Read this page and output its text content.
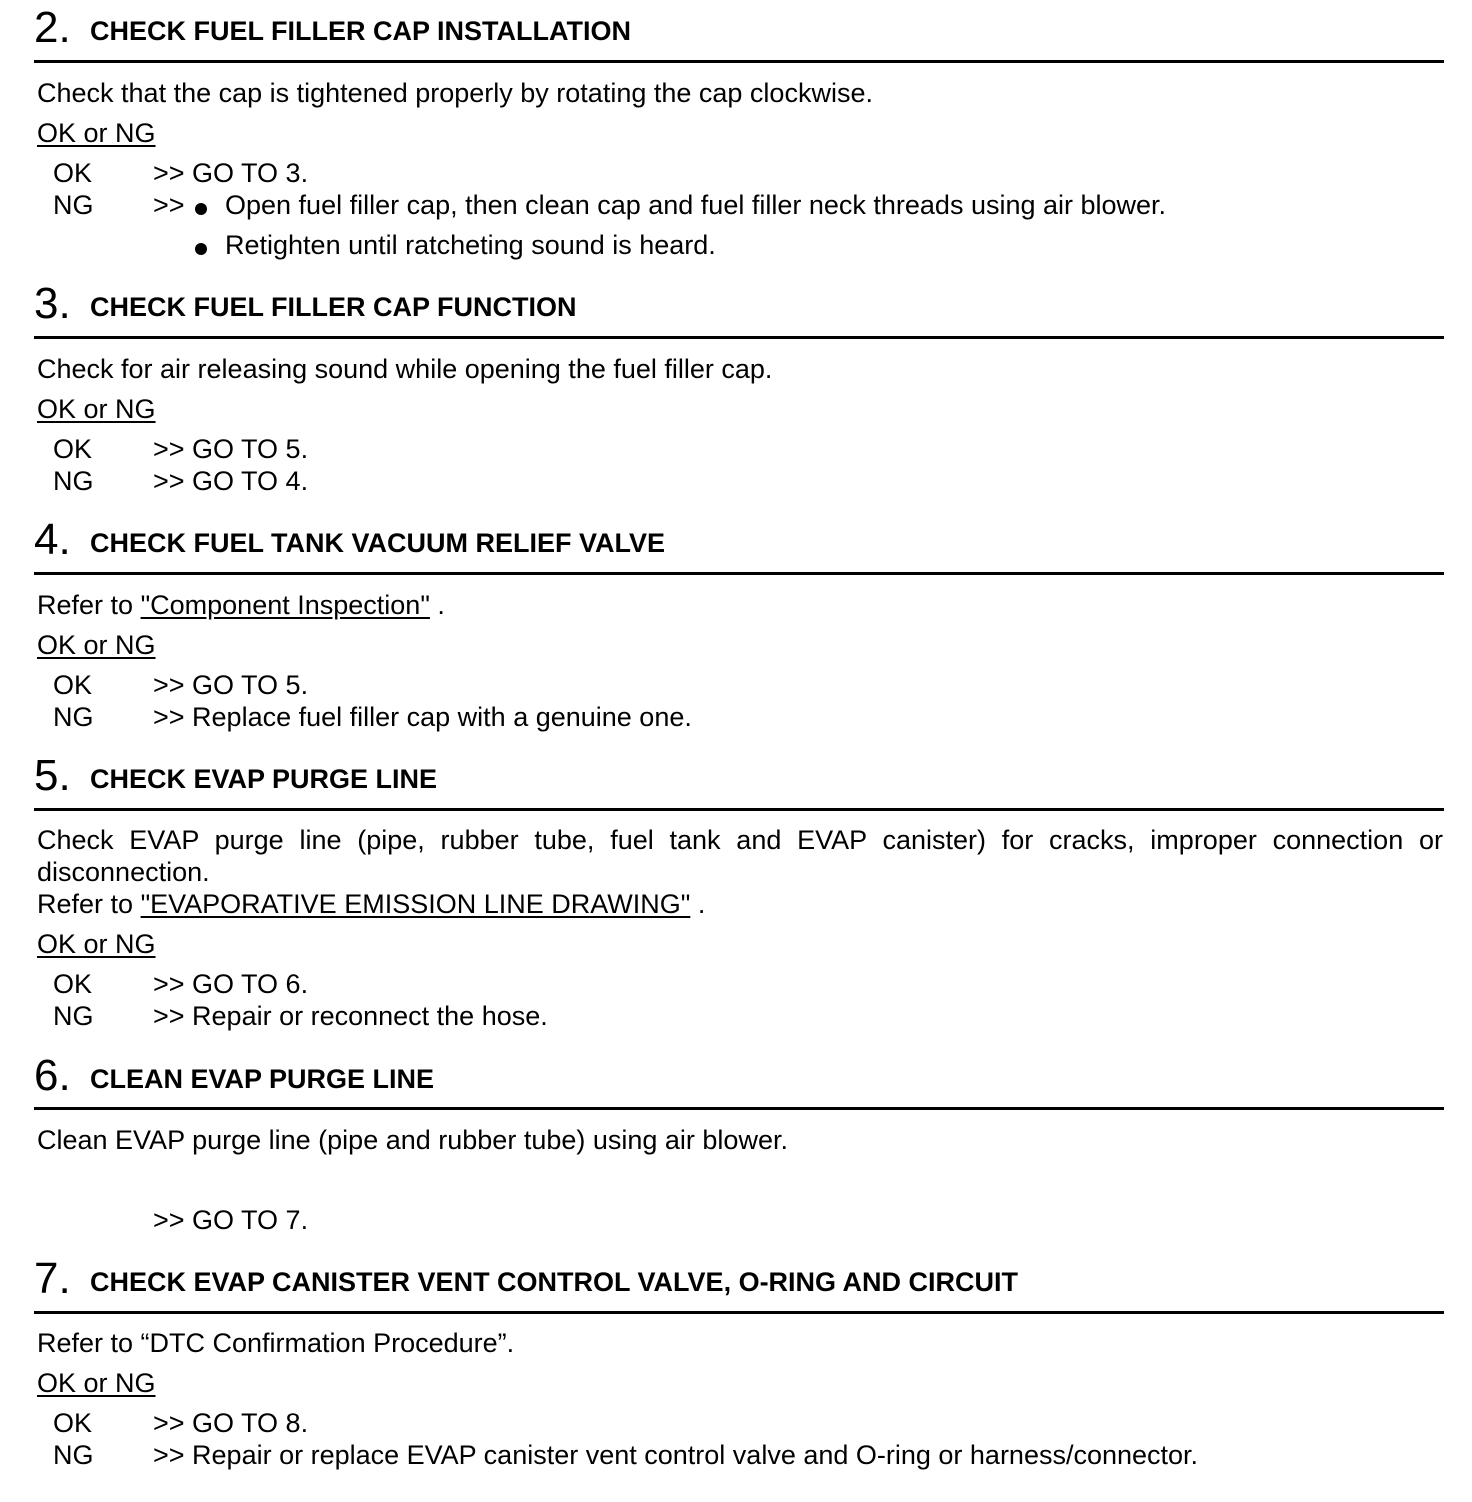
2. CHECK FUEL FILLER CAP INSTALLATION
Check that the cap is tightened properly by rotating the cap clockwise.
OK or NG
OK >> GO TO 3.
NG >> Open fuel filler cap, then clean cap and fuel filler neck threads using air blower.
Retighten until ratcheting sound is heard.
3. CHECK FUEL FILLER CAP FUNCTION
Check for air releasing sound while opening the fuel filler cap.
OK or NG
OK >> GO TO 5.
NG >> GO TO 4.
4. CHECK FUEL TANK VACUUM RELIEF VALVE
Refer to "Component Inspection" .
OK or NG
OK >> GO TO 5.
NG >> Replace fuel filler cap with a genuine one.
5. CHECK EVAP PURGE LINE
Check EVAP purge line (pipe, rubber tube, fuel tank and EVAP canister) for cracks, improper connection or
disconnection.
Refer to "EVAPORATIVE EMISSION LINE DRAWING" .
OK or NG
OK >> GO TO 6.
NG >> Repair or reconnect the hose.
6. CLEAN EVAP PURGE LINE
Clean EVAP purge line (pipe and rubber tube) using air blower.
>> GO TO 7.
7. CHECK EVAP CANISTER VENT CONTROL VALVE, O-RING AND CIRCUIT
Refer to “DTC Confirmation Procedure”.
OK or NG
OK >> GO TO 8.
NG >> Repair or replace EVAP canister vent control valve and O-ring or harness/connector.
